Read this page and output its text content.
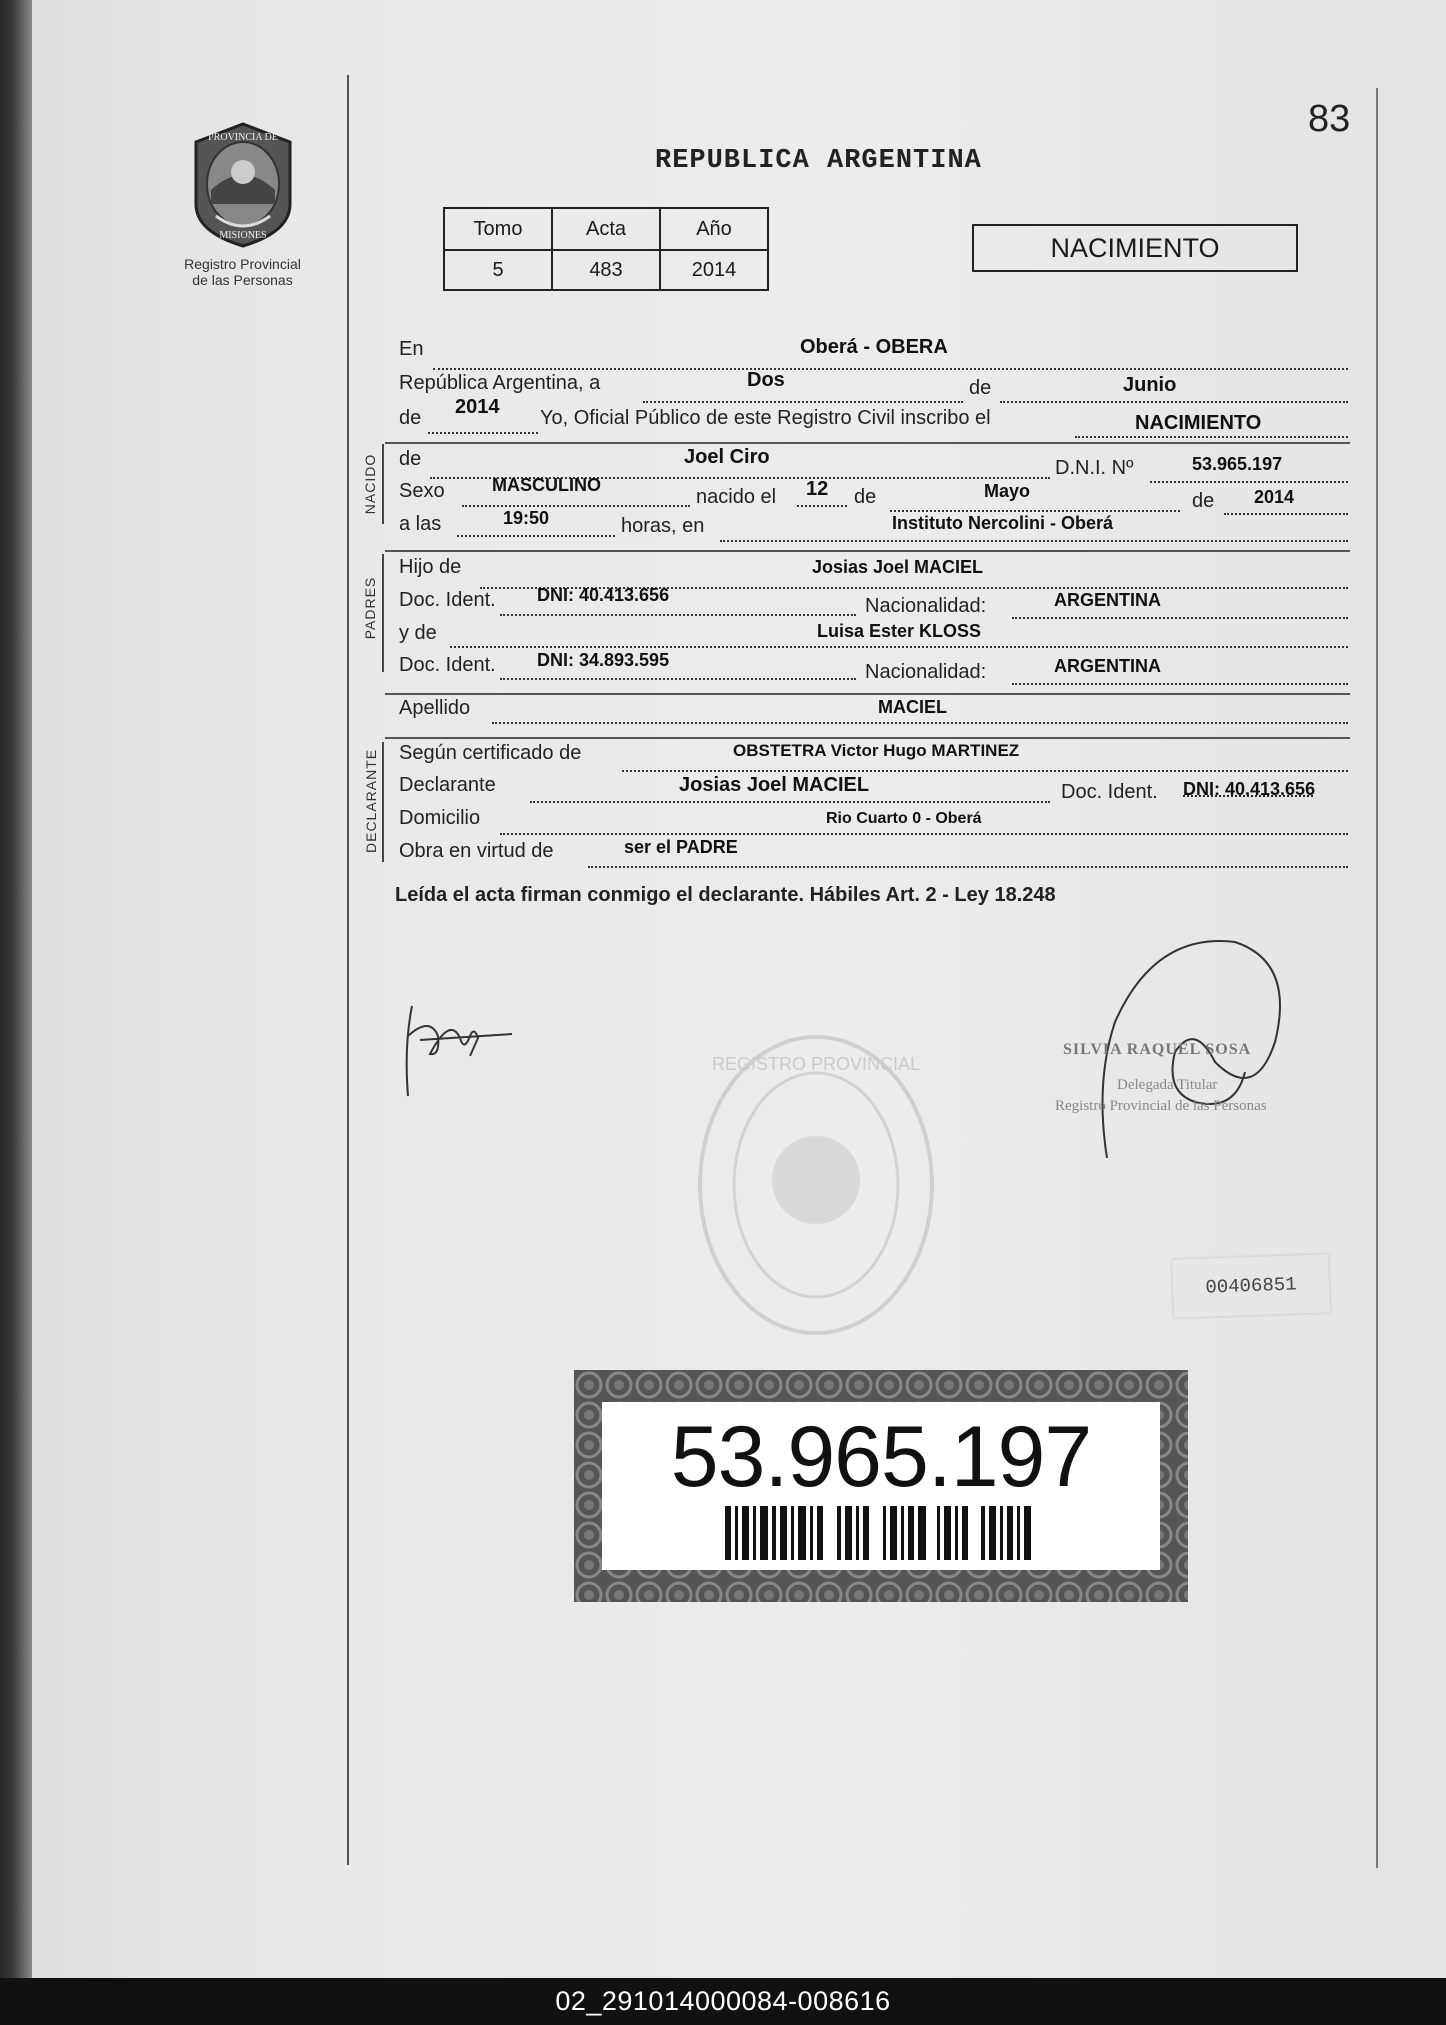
PROVINCIA DE
MISIONES
Registro Provincial
de las Personas
83
REPUBLICA ARGENTINA
Tomo	Acta	Año
5	483	2014
NACIMIENTO
En	Oberá - OBERA
República Argentina, a	Dos	de	Junio
de 2014 Yo, Oficial Público de este Registro Civil inscribo el	NACIMIENTO
NACIDO de	Joel Ciro	D.N.I. Nº	53.965.197
Sexo	MASCULINO
nacido el 12 de	Mayo	de 2014
a las	19:50	horas, en	Instituto Nercolini - Oberá
PADRES
Hijo de	Josias Joel MACIEL
Doc. Ident. DNI: 40.413.656	Nacionalidad:	ARGENTINA
y de	Luisa Ester KLOSS
Doc. Ident. DNI: 34.893.595
Nacionalidad:	ARGENTINA
Apellido	MACIEL
DECLARANTE Según certificado de	OBSTETRA Victor Hugo MARTINEZ
Declarante	Josias Joel MACIEL	Doc. Ident. DNI: 40.413.656
Domicilio	Rio Cuarto 0 - Oberá
Obra en virtud de	ser el PADRE
Leída el acta firman conmigo el declarante. Hábiles Art. 2 - Ley 18.248
REGISTRO PROVINCIAL
SILVIA RAQUEL SOSA
Delegada Titular
Registro Provincial de las Personas
00406851
53.965.197
02_291014000084-008616
